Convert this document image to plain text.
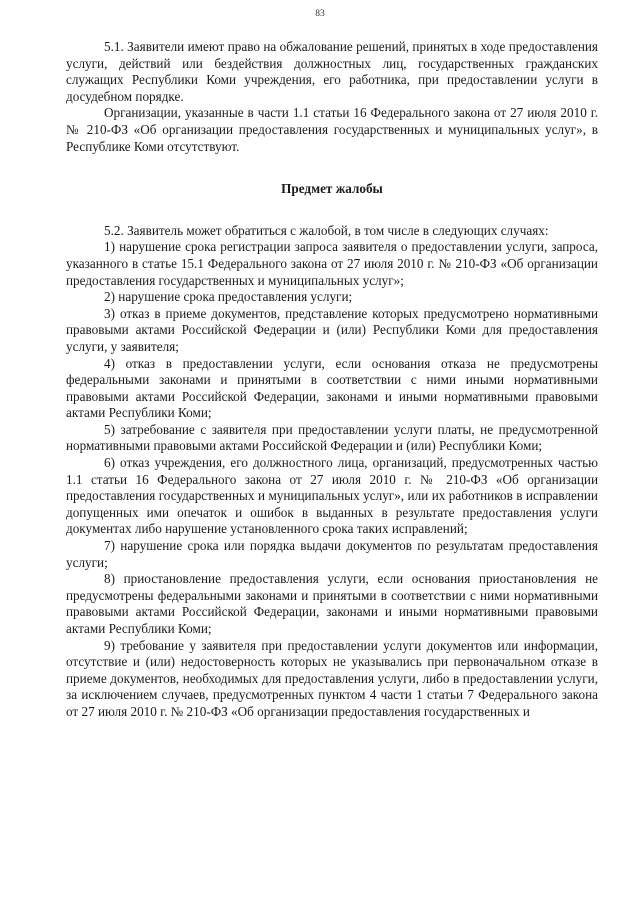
83

5.1. Заявители имеют право на обжалование решений, принятых в ходе предоставления услуги, действий или бездействия должностных лиц, государственных гражданских служащих Республики Коми учреждения, его работника, при предоставлении услуги в досудебном порядке.

Организации, указанные в части 1.1 статьи 16 Федерального закона от 27 июля 2010 г. № 210-ФЗ «Об организации предоставления государственных и муниципальных услуг», в Республике Коми отсутствуют.

Предмет жалобы

5.2. Заявитель может обратиться с жалобой, в том числе в следующих случаях:

1) нарушение срока регистрации запроса заявителя о предоставлении услуги, запроса, указанного в статье 15.1 Федерального закона от 27 июля 2010 г. № 210-ФЗ «Об организации предоставления государственных и муниципальных услуг»;

2) нарушение срока предоставления услуги;

3) отказ в приеме документов, представление которых предусмотрено нормативными правовыми актами Российской Федерации и (или) Республики Коми для предоставления услуги, у заявителя;

4) отказ в предоставлении услуги, если основания отказа не предусмотрены федеральными законами и принятыми в соответствии с ними иными нормативными правовыми актами Российской Федерации, законами и иными нормативными правовыми актами Республики Коми;

5) затребование с заявителя при предоставлении услуги платы, не предусмотренной нормативными правовыми актами Российской Федерации и (или) Республики Коми;

6) отказ учреждения, его должностного лица, организаций, предусмотренных частью 1.1 статьи 16 Федерального закона от 27 июля 2010 г. № 210-ФЗ «Об организации предоставления государственных и муниципальных услуг», или их работников в исправлении допущенных ими опечаток и ошибок в выданных в результате предоставления услуги документах либо нарушение установленного срока таких исправлений;

7) нарушение срока или порядка выдачи документов по результатам предоставления услуги;

8) приостановление предоставления услуги, если основания приостановления не предусмотрены федеральными законами и принятыми в соответствии с ними нормативными правовыми актами Российской Федерации, законами и иными нормативными правовыми актами Республики Коми;

9) требование у заявителя при предоставлении услуги документов или информации, отсутствие и (или) недостоверность которых не указывались при первоначальном отказе в приеме документов, необходимых для предоставления услуги, либо в предоставлении услуги, за исключением случаев, предусмотренных пунктом 4 части 1 статьи 7 Федерального закона от 27 июля 2010 г. № 210-ФЗ «Об организации предоставления государственных и
